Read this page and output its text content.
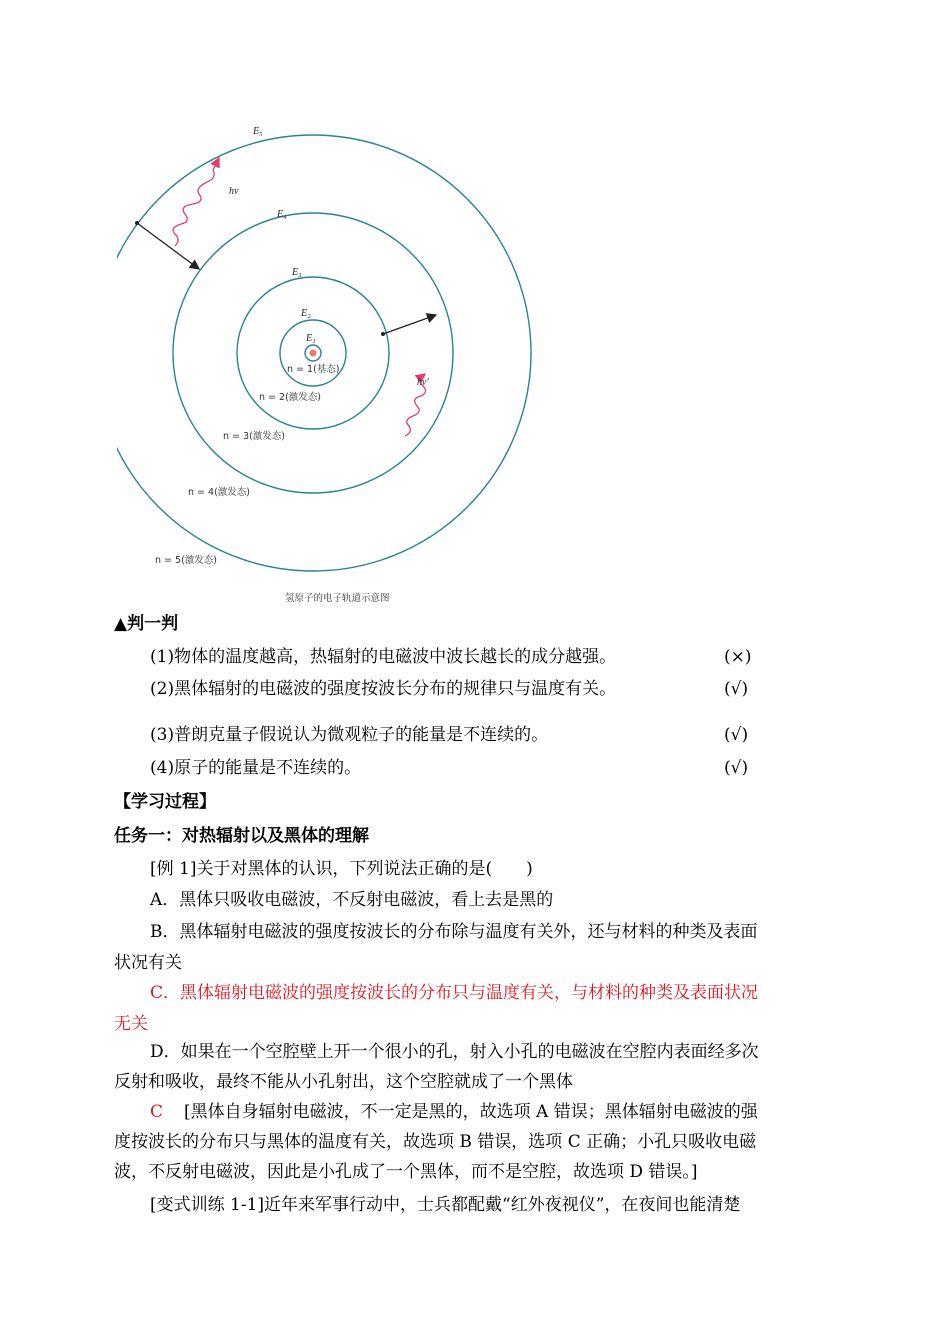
E₅
E₄
E₃
E₂
E₁
hν
hν′
n = 1(基态)
n = 2(激发态)
n = 3(激发态)
n = 4(激发态)
n = 5(激发态)
氢原子的电子轨道示意图
▲判一判
(1)物体的温度越高，热辐射的电磁波中波长越长的成分越强。	(×)
(2)黑体辐射的电磁波的强度按波长分布的规律只与温度有关。	(√)
(3)普朗克量子假说认为微观粒子的能量是不连续的。	(√)
(4)原子的能量是不连续的。	(√)
【学习过程】
任务一：对热辐射以及黑体的理解
[例 1]关于对黑体的认识，下列说法正确的是(　　)
A．黑体只吸收电磁波，不反射电磁波，看上去是黑的
B．黑体辐射电磁波的强度按波长的分布除与温度有关外，还与材料的种类及表面
状况有关
C．黑体辐射电磁波的强度按波长的分布只与温度有关，与材料的种类及表面状况
无关
D．如果在一个空腔壁上开一个很小的孔，射入小孔的电磁波在空腔内表面经多次
反射和吸收，最终不能从小孔射出，这个空腔就成了一个黑体
C [黑体自身辐射电磁波，不一定是黑的，故选项 A 错误；黑体辐射电磁波的强
度按波长的分布只与黑体的温度有关，故选项 B 错误，选项 C 正确；小孔只吸收电磁
波，不反射电磁波，因此是小孔成了一个黑体，而不是空腔，故选项 D 错误。]
[变式训练 1-1]近年来军事行动中，士兵都配戴“红外夜视仪”，在夜间也能清楚
